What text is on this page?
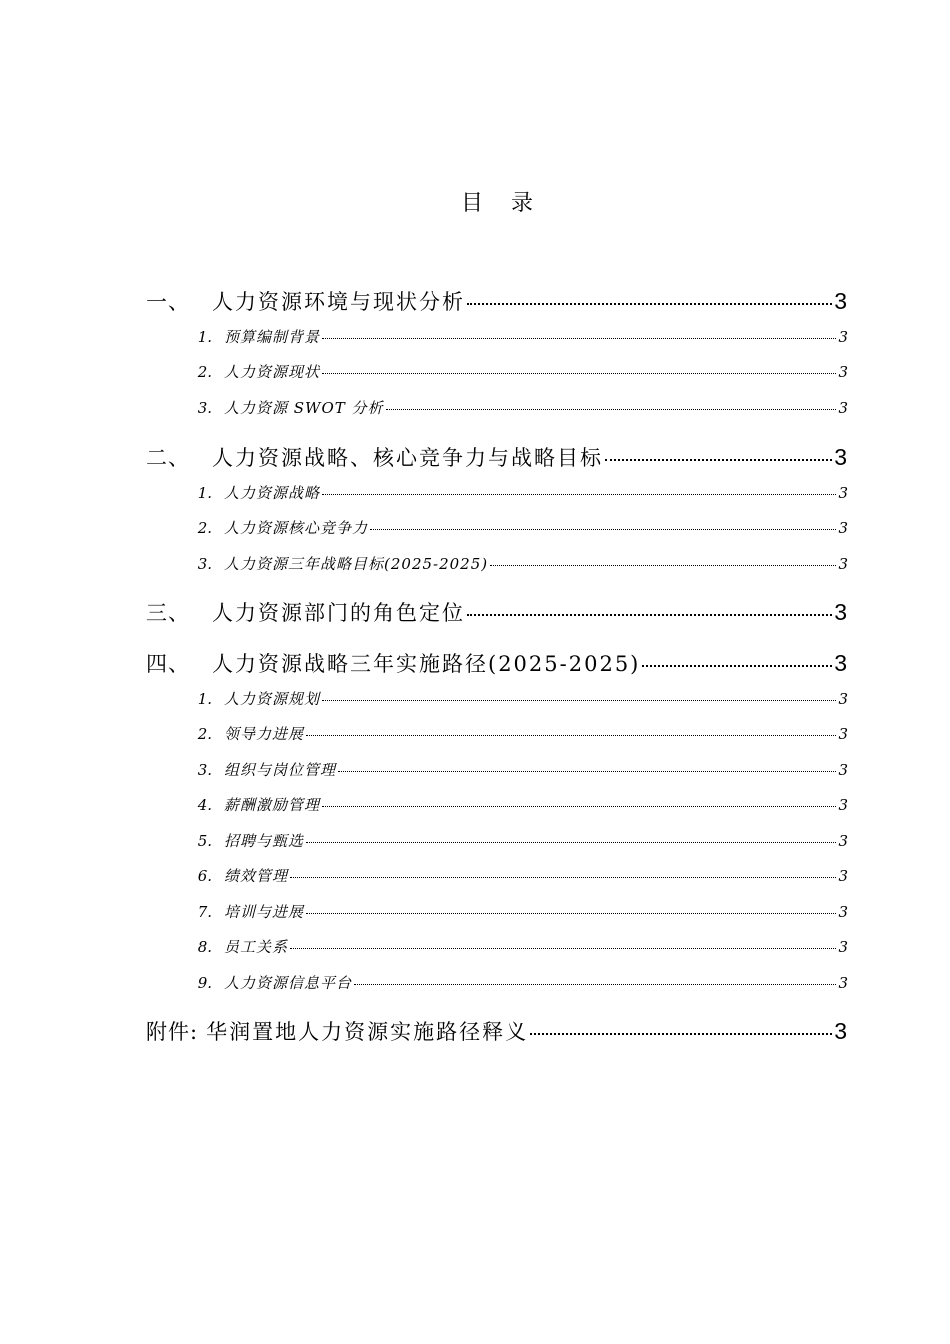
目 录
一、	人力资源环境与现状分析	3
1. 预算编制背景	3
2. 人力资源现状	3
3. 人力资源 SWOT 分析	3
二、	人力资源战略、核心竞争力与战略目标	3
1. 人力资源战略	3
2. 人力资源核心竞争力	3
3. 人力资源三年战略目标(2025-2025)	3
三、	人力资源部门的角色定位	3
四、	人力资源战略三年实施路径(2025-2025)	3
1. 人力资源规划	3
2. 领导力进展	3
3. 组织与岗位管理	3
4. 薪酬激励管理	3
5. 招聘与甄选	3
6. 绩效管理	3
7. 培训与进展	3
8. 员工关系	3
9. 人力资源信息平台	3
附件: 华润置地人力资源实施路径释义	3
